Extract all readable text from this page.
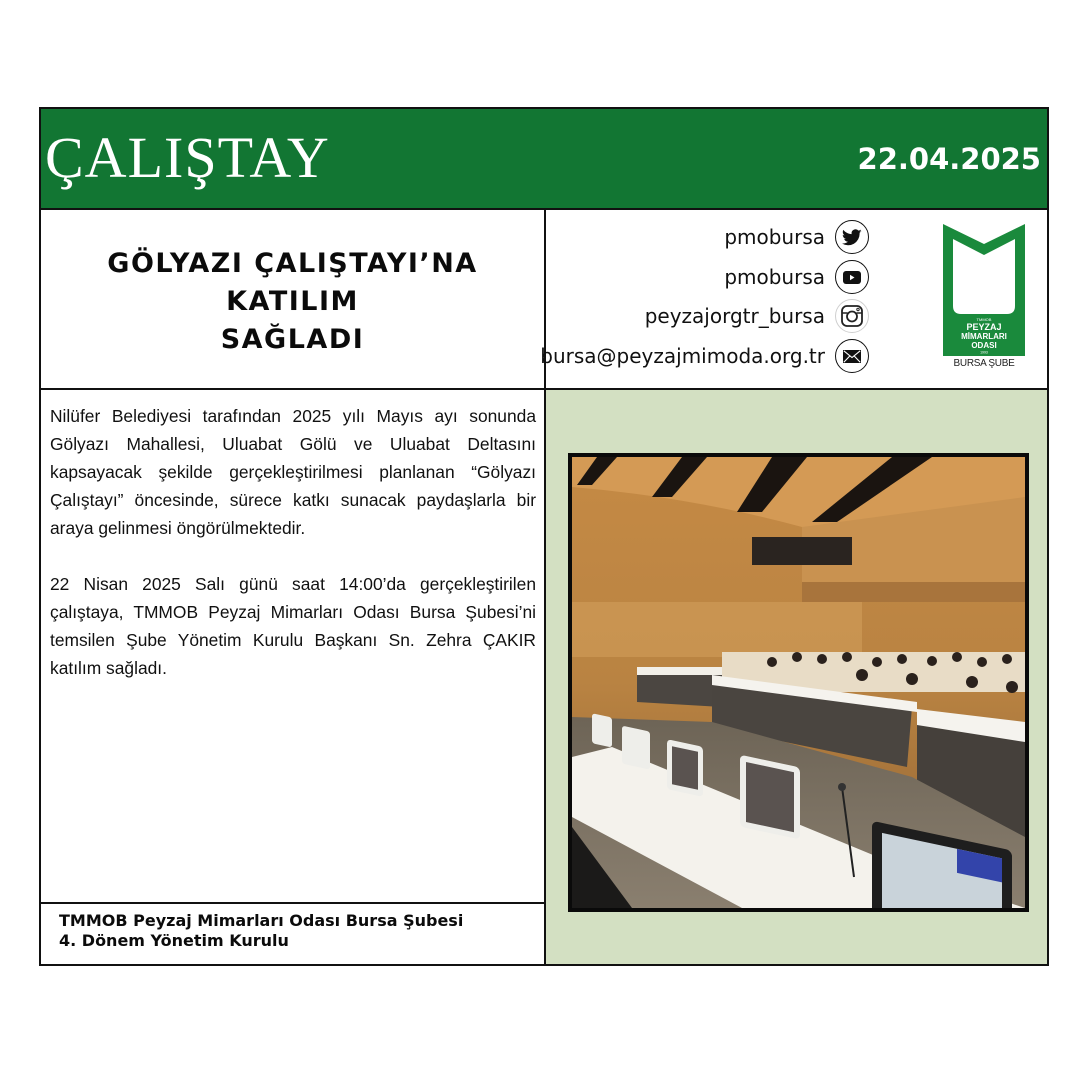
ÇALIŞTAY	22.04.2025
GÖLYAZI ÇALIŞTAYI’NA KATILIM
SAĞLADI
pmobursa
pmobursa
peyzajorgtr_bursa
bursa@peyzajmimoda.org.tr
TMMOB
PEYZAJ
MİMARLARI
ODASI
1993
BURSA ŞUBE

Nilüfer Belediyesi tarafından 2025 yılı Mayıs ayı sonunda Gölyazı Mahallesi, Uluabat Gölü ve Uluabat Deltasını kapsayacak şekilde gerçekleştirilmesi planlanan “Gölyazı Çalıştayı” öncesinde, sürece katkı sunacak paydaşlarla bir araya gelinmesi öngörülmektedir.

22 Nisan 2025 Salı günü saat 14:00’da gerçekleştirilen çalıştaya, TMMOB Peyzaj Mimarları Odası Bursa Şubesi’ni temsilen Şube Yönetim Kurulu Başkanı Sn. Zehra ÇAKIR katılım sağladı.

TMMOB Peyzaj Mimarları Odası Bursa Şubesi
4. Dönem Yönetim Kurulu
